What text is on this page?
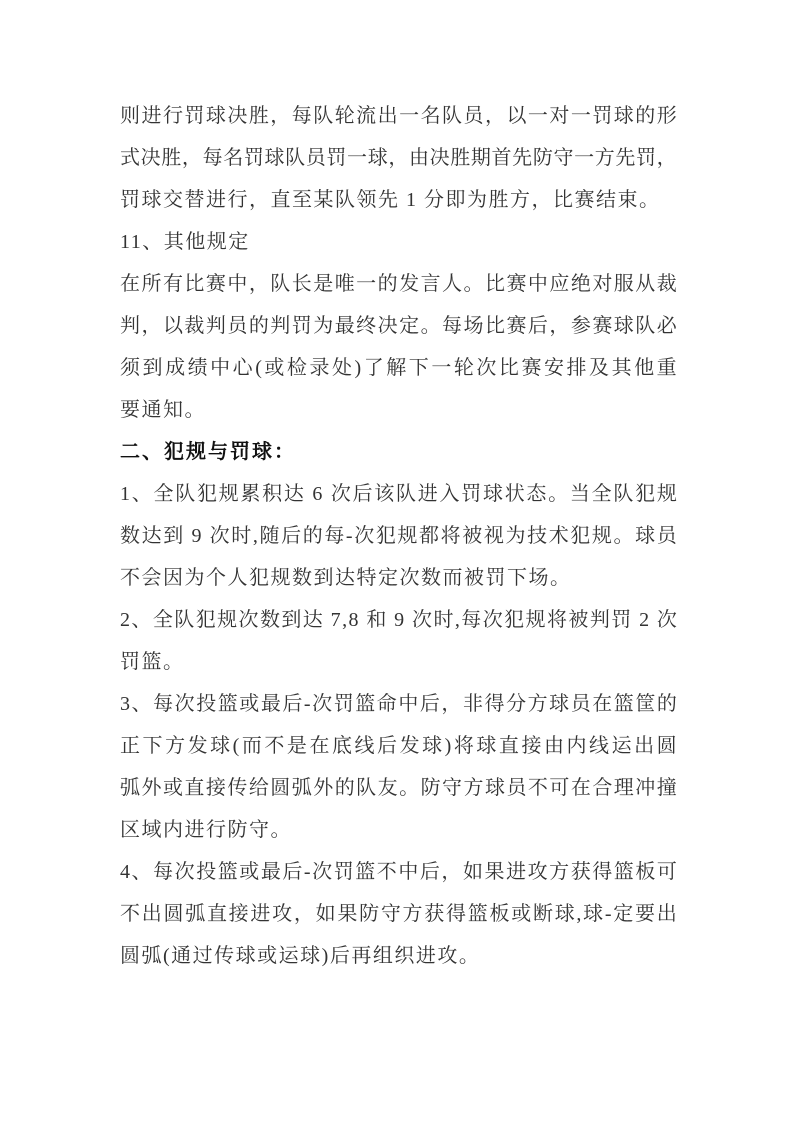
则 进 行 罚 球 决 胜 ， 每 队 轮 流 出 一 名 队 员 ， 以 一 对 一 罚 球 的 形
式 决 胜 ， 每 名 罚 球 队 员 罚 一 球 ， 由 决 胜 期 首 先 防 守 一 方 先 罚 ，
罚球交替进行，直至某队领先 1 分即为胜方，比赛结束。
11、其他规定
在 所 有 比 赛 中 ， 队 长 是 唯 一 的 发 言 人 。 比 赛 中 应 绝 对 服 从 裁
判 ， 以 裁 判 员 的 判 罚 为 最 终 决 定 。 每 场 比 赛 后 ， 参 赛 球 队 必
须 到 成 绩 中 心 ( 或 检 录 处 ) 了 解 下 一 轮 次 比 赛 安 排 及 其 他 重
要通知。
二、犯规与罚球：
1 、 全 队 犯 规 累 积 达
6
次 后 该 队 进 入 罚 球 状 态 。 当 全 队 犯 规
数 达 到
9
次 时 , 随 后 的 每 - 次 犯 规 都 将 被 视 为 技 术 犯 规 。 球 员
不会因为个人犯规数到达特定次数而被罚下场。
2 、 全 队 犯 规 次 数 到 达
7 , 8
和
9
次 时 , 每 次 犯 规 将 被 判 罚
2
次
罚篮。
3 、 每 次 投 篮 或 最 后 - 次 罚 篮 命 中 后 ， 非 得 分 方 球 员 在 篮 筐 的
正 下 方 发 球 ( 而 不 是 在 底 线 后 发 球 ) 将 球 直 接 由 内 线 运 出 圆
弧 外 或 直 接 传 给 圆 弧 外 的 队 友 。 防 守 方 球 员 不 可 在 合 理 冲 撞
区域内进行防守。
4 、 每 次 投 篮 或 最 后 - 次 罚 篮 不 中 后 ， 如 果 进 攻 方 获 得 篮 板 可
不 出 圆 弧 直 接 进 攻 ， 如 果 防 守 方 获 得 篮 板 或 断 球 , 球 - 定 要 出
圆弧(通过传球或运球)后再组织进攻。
